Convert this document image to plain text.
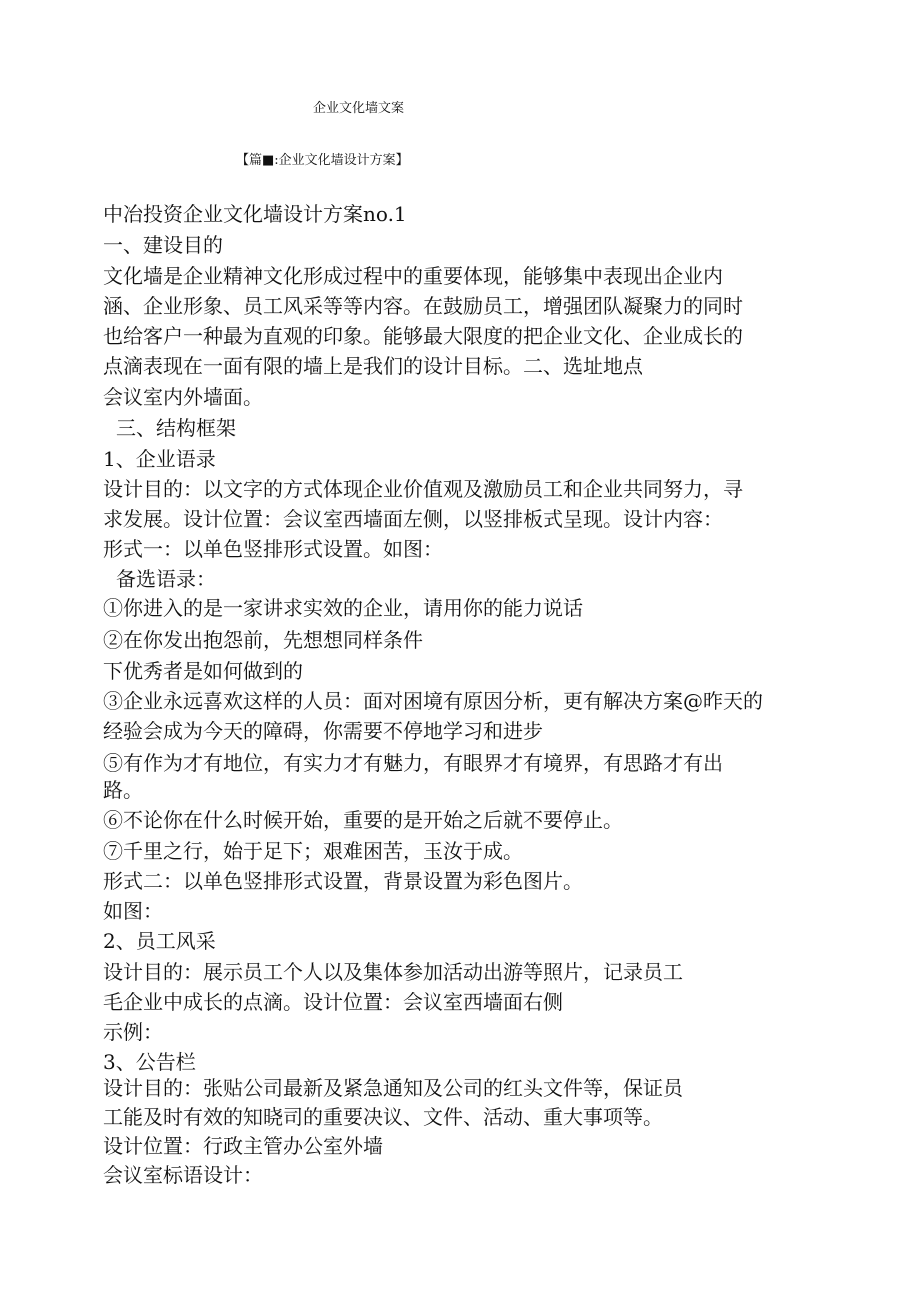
企业文化墙文案

【篇■:企业文化墙设计方案】

中冶投资企业文化墙设计方案no.1

一、建设目的

文化墙是企业精神文化形成过程中的重要体现，能够集中表现出企业内

涵、企业形象、员工风采等等内容。在鼓励员工，增强团队凝聚力的同时

也给客户一种最为直观的印象。能够最大限度的把企业文化、企业成长的

点滴表现在一面有限的墙上是我们的设计目标。二、选址地点

会议室内外墙面。

三、结构框架

1、企业语录

设计目的：以文字的方式体现企业价值观及激励员工和企业共同努力，寻

求发展。设计位置：会议室西墙面左侧，以竖排板式呈现。设计内容：

形式一：以单色竖排形式设置。如图：

备选语录：

①你进入的是一家讲求实效的企业，请用你的能力说话

②在你发出抱怨前，先想想同样条件

下优秀者是如何做到的

③企业永远喜欢这样的人员：面对困境有原因分析，更有解决方案@昨天的

经验会成为今天的障碍，你需要不停地学习和进步

⑤有作为才有地位，有实力才有魅力，有眼界才有境界，有思路才有出

路。

⑥不论你在什么时候开始，重要的是开始之后就不要停止。

⑦千里之行，始于足下；艰难困苦，玉汝于成。

形式二：以单色竖排形式设置，背景设置为彩色图片。

如图：

2、员工风采

设计目的：展示员工个人以及集体参加活动出游等照片，记录员工

毛企业中成长的点滴。设计位置：会议室西墙面右侧

示例：

3、公告栏

设计目的：张贴公司最新及紧急通知及公司的红头文件等，保证员

工能及时有效的知晓司的重要决议、文件、活动、重大事项等。

设计位置：行政主管办公室外墙

会议室标语设计：
